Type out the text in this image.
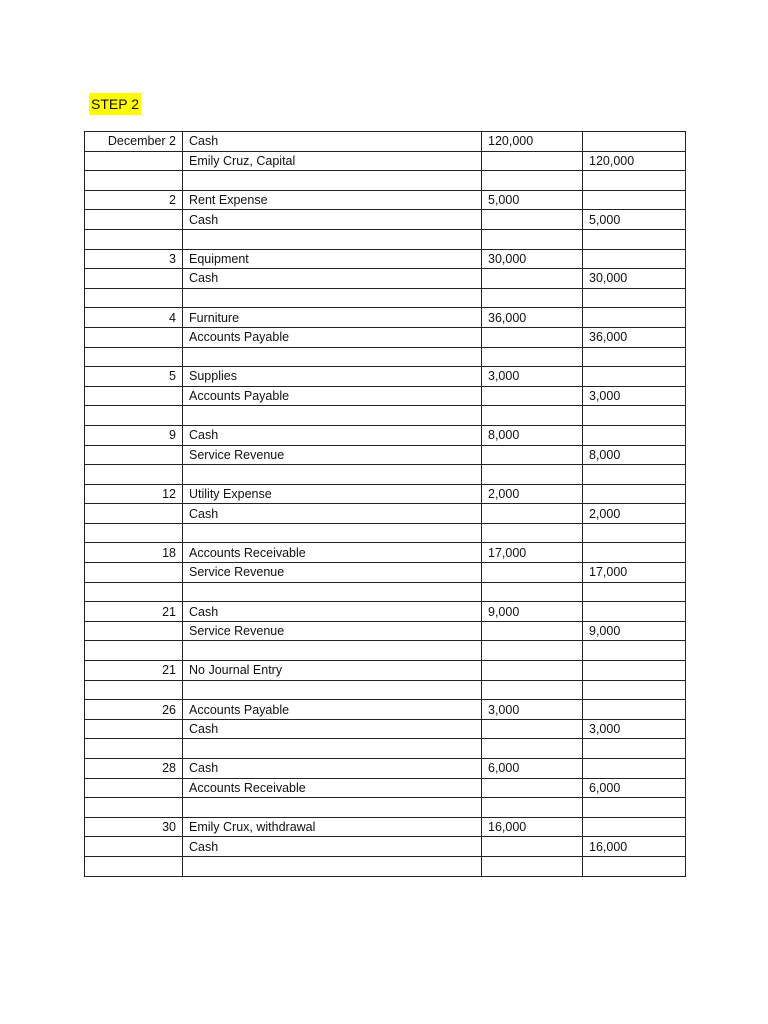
STEP 2
December 2	Cash	120,000	
	Emily Cruz, Capital		120,000

2	Rent Expense	5,000	
	Cash		5,000

3	Equipment	30,000	
	Cash		30,000

4	Furniture	36,000	
	Accounts Payable		36,000

5	Supplies	3,000	
	Accounts Payable		3,000

9	Cash	8,000	
	Service Revenue		8,000

12	Utility Expense	2,000	
	Cash		2,000

18	Accounts Receivable	17,000	
	Service Revenue		17,000

21	Cash	9,000	
	Service Revenue		9,000

21	No Journal Entry		

26	Accounts Payable	3,000	
	Cash		3,000

28	Cash	6,000	
	Accounts Receivable		6,000

30	Emily Crux, withdrawal	16,000	
	Cash		16,000
